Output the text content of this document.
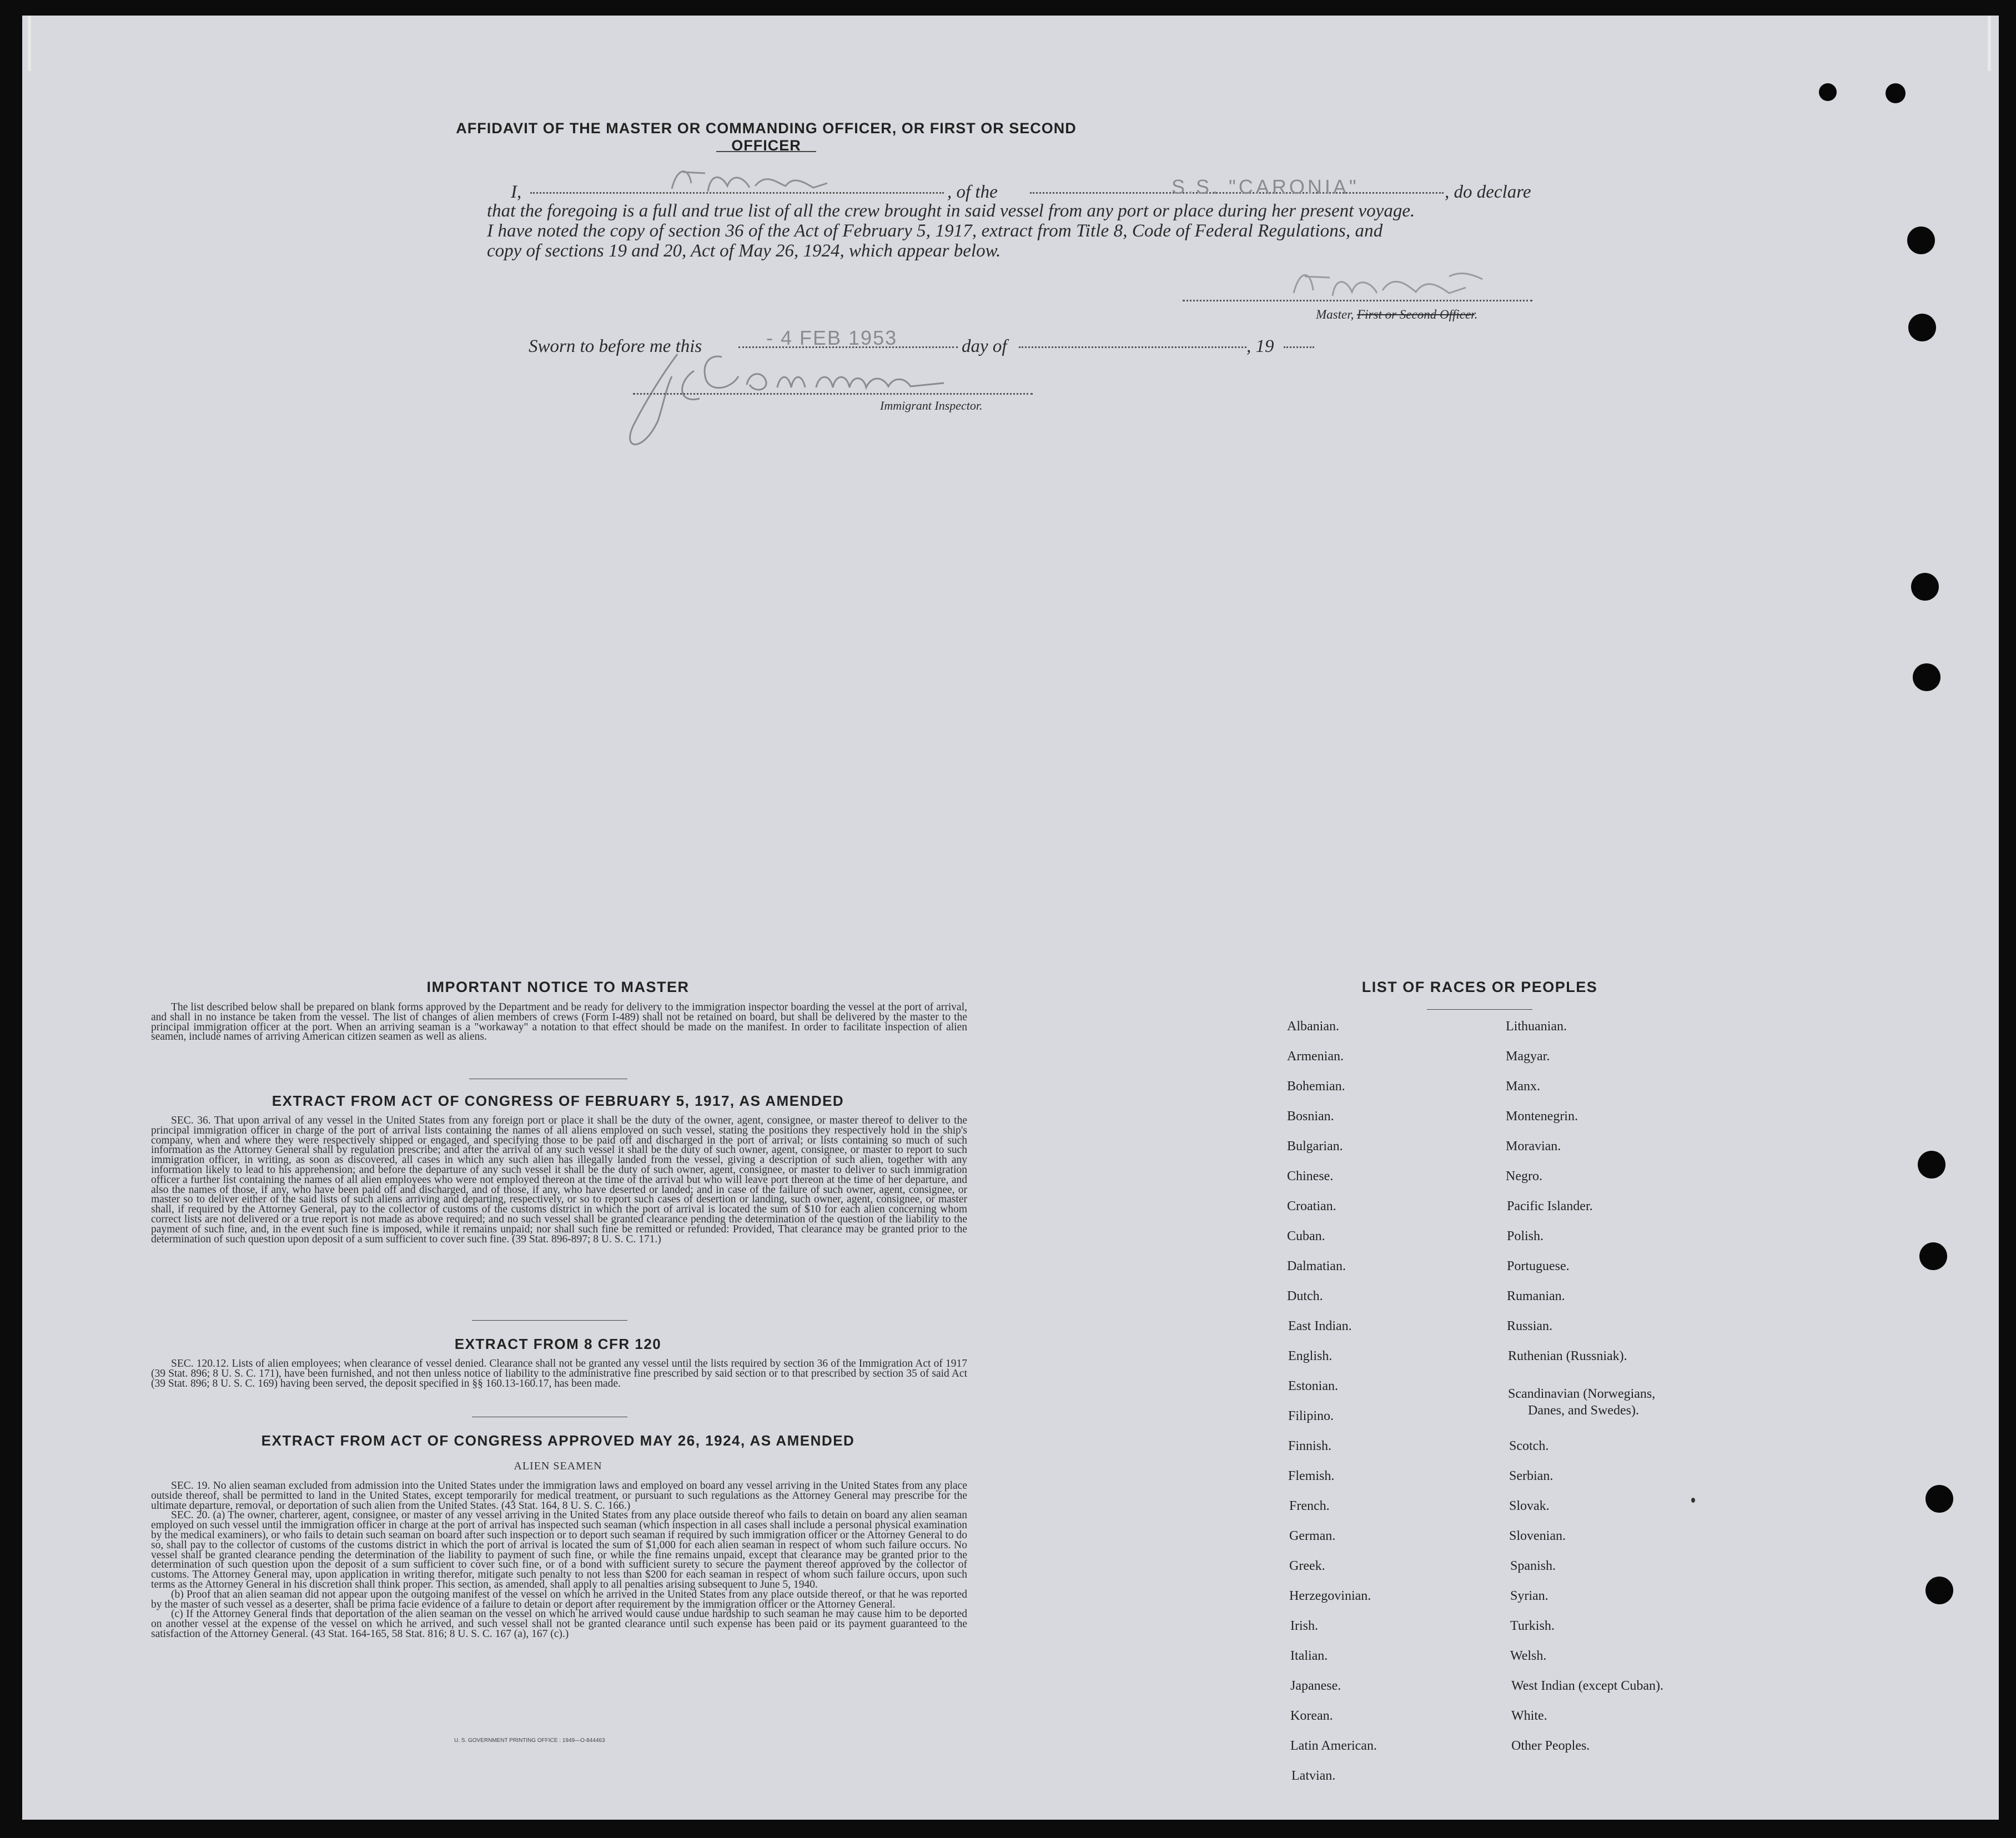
AFFIDAVIT OF THE MASTER OR COMMANDING OFFICER, OR FIRST OR SECOND OFFICER
I,	, of the	S.S. "CARONIA"	, do declare
that the foregoing is a full and true list of all the crew brought in said vessel from any port or place during her present voyage.
I have noted the copy of section 36 of the Act of February 5, 1917, extract from Title 8, Code of Federal Regulations, and
copy of sections 19 and 20, Act of May 26, 1924, which appear below.
Master, First or Second Officer.
Sworn to before me this	- 4 FEB 1953	day of	, 19
Immigrant Inspector.
IMPORTANT NOTICE TO MASTER

The list described below shall be prepared on blank forms approved by the Department and be ready for delivery to the immigration inspector boarding the vessel at the port of arrival, and shall in no instance be taken from the vessel. The list of changes of alien members of crews (Form I-489) shall not be retained on board, but shall be delivered by the master to the principal immigration officer at the port. When an arriving seaman is a "workaway" a notation to that effect should be made on the manifest. In order to facilitate inspection of alien seamen, include names of arriving American citizen seamen as well as aliens.

EXTRACT FROM ACT OF CONGRESS OF FEBRUARY 5, 1917, AS AMENDED

SEC. 36. That upon arrival of any vessel in the United States from any foreign port or place it shall be the duty of the owner, agent, consignee, or master thereof to deliver to the principal immigration officer in charge of the port of arrival lists containing the names of all aliens employed on such vessel, stating the positions they respectively hold in the ship's company, when and where they were respectively shipped or engaged, and specifying those to be paid off and discharged in the port of arrival; or lists containing so much of such information as the Attorney General shall by regulation prescribe; and after the arrival of any such vessel it shall be the duty of such owner, agent, consignee, or master to report to such immigration officer, in writing, as soon as discovered, all cases in which any such alien has illegally landed from the vessel, giving a description of such alien, together with any information likely to lead to his apprehension; and before the departure of any such vessel it shall be the duty of such owner, agent, consignee, or master to deliver to such immigration officer a further list containing the names of all alien employees who were not employed thereon at the time of the arrival but who will leave port thereon at the time of her departure, and also the names of those, if any, who have been paid off and discharged, and of those, if any, who have deserted or landed; and in case of the failure of such owner, agent, consignee, or master so to deliver either of the said lists of such aliens arriving and departing, respectively, or so to report such cases of desertion or landing, such owner, agent, consignee, or master shall, if required by the Attorney General, pay to the collector of customs of the customs district in which the port of arrival is located the sum of $10 for each alien concerning whom correct lists are not delivered or a true report is not made as above required; and no such vessel shall be granted clearance pending the determination of the question of the liability to the payment of such fine, and, in the event such fine is imposed, while it remains unpaid; nor shall such fine be remitted or refunded: Provided, That clearance may be granted prior to the determination of such question upon deposit of a sum sufficient to cover such fine. (39 Stat. 896-897; 8 U. S. C. 171.)

EXTRACT FROM 8 CFR 120

SEC. 120.12. Lists of alien employees; when clearance of vessel denied. Clearance shall not be granted any vessel until the lists required by section 36 of the Immigration Act of 1917 (39 Stat. 896; 8 U. S. C. 171), have been furnished, and not then unless notice of liability to the administrative fine prescribed by said section or to that prescribed by section 35 of said Act (39 Stat. 896; 8 U. S. C. 169) having been served, the deposit specified in §§ 160.13-160.17, has been made.

EXTRACT FROM ACT OF CONGRESS APPROVED MAY 26, 1924, AS AMENDED
ALIEN SEAMEN

SEC. 19. No alien seaman excluded from admission into the United States under the immigration laws and employed on board any vessel arriving in the United States from any place outside thereof, shall be permitted to land in the United States, except temporarily for medical treatment, or pursuant to such regulations as the Attorney General may prescribe for the ultimate departure, removal, or deportation of such alien from the United States. (43 Stat. 164, 8 U. S. C. 166.)

SEC. 20. (a) The owner, charterer, agent, consignee, or master of any vessel arriving in the United States from any place outside thereof who fails to detain on board any alien seaman employed on such vessel until the immigration officer in charge at the port of arrival has inspected such seaman (which inspection in all cases shall include a personal physical examination by the medical examiners), or who fails to detain such seaman on board after such inspection or to deport such seaman if required by such immigration officer or the Attorney General to do so, shall pay to the collector of customs of the customs district in which the port of arrival is located the sum of $1,000 for each alien seaman in respect of whom such failure occurs. No vessel shall be granted clearance pending the determination of the liability to payment of such fine, or while the fine remains unpaid, except that clearance may be granted prior to the determination of such question upon the deposit of a sum sufficient to cover such fine, or of a bond with sufficient surety to secure the payment thereof approved by the collector of customs. The Attorney General may, upon application in writing therefor, mitigate such penalty to not less than $200 for each seaman in respect of whom such failure occurs, upon such terms as the Attorney General in his discretion shall think proper. This section, as amended, shall apply to all penalties arising subsequent to June 5, 1940.

(b) Proof that an alien seaman did not appear upon the outgoing manifest of the vessel on which he arrived in the United States from any place outside thereof, or that he was reported by the master of such vessel as a deserter, shall be prima facie evidence of a failure to detain or deport after requirement by the immigration officer or the Attorney General.

(c) If the Attorney General finds that deportation of the alien seaman on the vessel on which he arrived would cause undue hardship to such seaman he may cause him to be deported on another vessel at the expense of the vessel on which he arrived, and such vessel shall not be granted clearance until such expense has been paid or its payment guaranteed to the satisfaction of the Attorney General. (43 Stat. 164-165, 58 Stat. 816; 8 U. S. C. 167 (a), 167 (c).)

U. S. GOVERNMENT PRINTING OFFICE : 1949—O-844463
LIST OF RACES OR PEOPLES
Albanian.
Armenian.
Bohemian.
Bosnian.
Bulgarian.
Chinese.
Croatian.
Cuban.
Dalmatian.
Dutch.
East Indian.
English.
Estonian.
Filipino.
Finnish.
Flemish.
French.
German.
Greek.
Herzegovinian.
Irish.
Italian.
Japanese.
Korean.
Latin American.
Latvian.
Lithuanian.
Magyar.
Manx.
Montenegrin.
Moravian.
Negro.
Pacific Islander.
Polish.
Portuguese.
Rumanian.
Russian.
Ruthenian (Russniak).
Scandinavian (Norwegians,
Danes, and Swedes).
Scotch.
Serbian.
Slovak.
Slovenian.
Spanish.
Syrian.
Turkish.
Welsh.
West Indian (except Cuban).
White.
Other Peoples.
